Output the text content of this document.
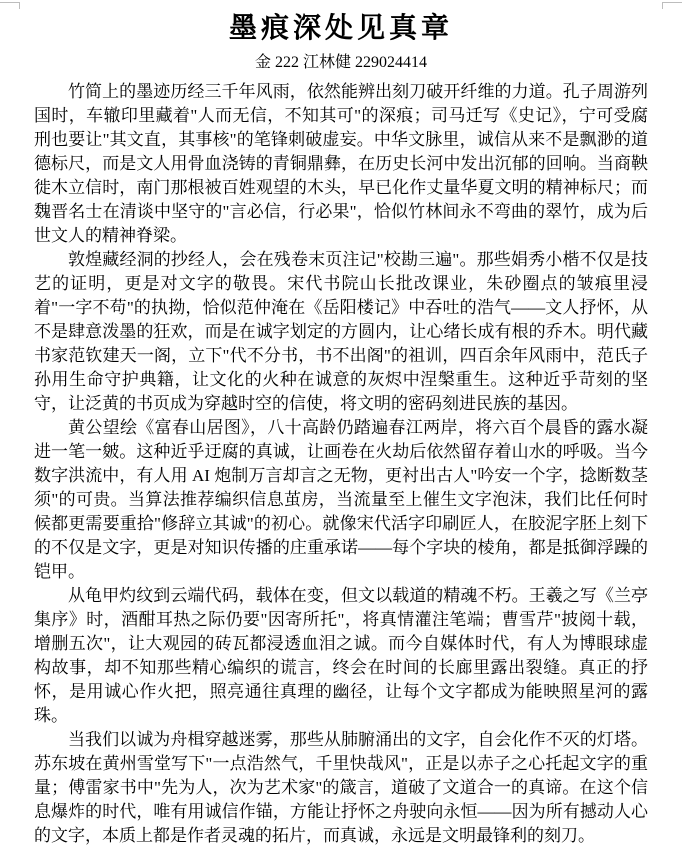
墨痕深处见真章
金 222 江林健 229024414

竹简上的墨迹历经三千年风雨，依然能辨出刻刀破开纤维的力道。孔子周游列国时，车辙印里藏着"人而无信，不知其可"的深痕；司马迁写《史记》，宁可受腐刑也要让"其文直，其事核"的笔锋刺破虚妄。中华文脉里，诚信从来不是飘渺的道德标尺，而是文人用骨血浇铸的青铜鼎彝，在历史长河中发出沉郁的回响。当商鞅徙木立信时，南门那根被百姓观望的木头，早已化作丈量华夏文明的精神标尺；而魏晋名士在清谈中坚守的"言必信，行必果"，恰似竹林间永不弯曲的翠竹，成为后世文人的精神脊梁。

敦煌藏经洞的抄经人，会在残卷末页注记"校勘三遍"。那些娟秀小楷不仅是技艺的证明，更是对文字的敬畏。宋代书院山长批改课业，朱砂圈点的皱痕里浸着"一字不苟"的执拗，恰似范仲淹在《岳阳楼记》中吞吐的浩气——文人抒怀，从不是肆意泼墨的狂欢，而是在诚字划定的方圆内，让心绪长成有根的乔木。明代藏书家范钦建天一阁，立下"代不分书，书不出阁"的祖训，四百余年风雨中，范氏子孙用生命守护典籍，让文化的火种在诚意的灰烬中涅槃重生。这种近乎苛刻的坚守，让泛黄的书页成为穿越时空的信使，将文明的密码刻进民族的基因。

黄公望绘《富春山居图》，八十高龄仍踏遍春江两岸，将六百个晨昏的露水凝进一笔一皴。这种近乎迂腐的真诚，让画卷在火劫后依然留存着山水的呼吸。当今数字洪流中，有人用 AI 炮制万言却言之无物，更衬出古人"吟安一个字，捻断数茎须"的可贵。当算法推荐编织信息茧房，当流量至上催生文字泡沫，我们比任何时候都更需要重拾"修辞立其诚"的初心。就像宋代活字印刷匠人，在胶泥字胚上刻下的不仅是文字，更是对知识传播的庄重承诺——每个字块的棱角，都是抵御浮躁的铠甲。

从龟甲灼纹到云端代码，载体在变，但文以载道的精魂不朽。王羲之写《兰亭集序》时，酒酣耳热之际仍要"因寄所托"，将真情灌注笔端；曹雪芹"披阅十载，增删五次"，让大观园的砖瓦都浸透血泪之诚。而今自媒体时代，有人为博眼球虚构故事，却不知那些精心编织的谎言，终会在时间的长廊里露出裂缝。真正的抒怀，是用诚心作火把，照亮通往真理的幽径，让每个文字都成为能映照星河的露珠。

当我们以诚为舟楫穿越迷雾，那些从肺腑涌出的文字，自会化作不灭的灯塔。苏东坡在黄州雪堂写下"一点浩然气，千里快哉风"，正是以赤子之心托起文字的重量；傅雷家书中"先为人，次为艺术家"的箴言，道破了文道合一的真谛。在这个信息爆炸的时代，唯有用诚信作锚，方能让抒怀之舟驶向永恒——因为所有撼动人心的文字，本质上都是作者灵魂的拓片，而真诚，永远是文明最锋利的刻刀。
